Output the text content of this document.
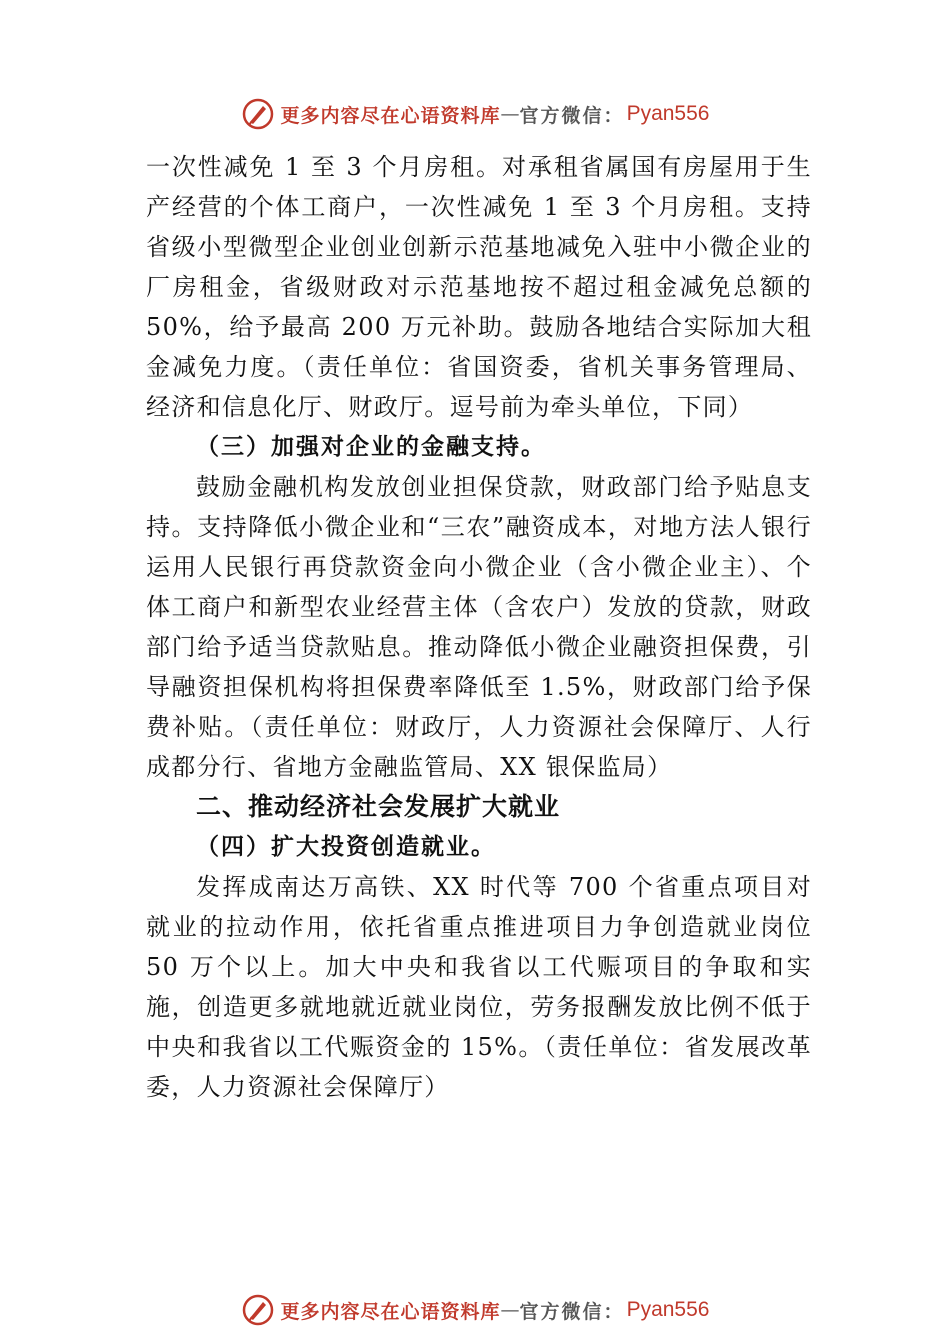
更多内容尽在心语资料库 — 官方微信： Pyan556

一次性减免 1 至 3 个月房租。对承租省属国有房屋用于生产经营的个体工商户，一次性减免 1 至 3 个月房租。支持省级小型微型企业创业创新示范基地减免入驻中小微企业的厂房租金，省级财政对示范基地按不超过租金减免总额的 50%，给予最高 200 万元补助。鼓励各地结合实际加大租金减免力度。（责任单位：省国资委，省机关事务管理局、经济和信息化厅、财政厅。逗号前为牵头单位，下同）

（三）加强对企业的金融支持。

鼓励金融机构发放创业担保贷款，财政部门给予贴息支持。支持降低小微企业和“三农”融资成本，对地方法人银行运用人民银行再贷款资金向小微企业（含小微企业主）、个体工商户和新型农业经营主体（含农户）发放的贷款，财政部门给予适当贷款贴息。推动降低小微企业融资担保费，引导融资担保机构将担保费率降低至 1.5%，财政部门给予保费补贴。（责任单位：财政厅，人力资源社会保障厅、人行成都分行、省地方金融监管局、XX 银保监局）

二、推动经济社会发展扩大就业

（四）扩大投资创造就业。

发挥成南达万高铁、XX 时代等 700 个省重点项目对就业的拉动作用，依托省重点推进项目力争创造就业岗位 50 万个以上。加大中央和我省以工代赈项目的争取和实施，创造更多就地就近就业岗位，劳务报酬发放比例不低于中央和我省以工代赈资金的 15%。（责任单位：省发展改革委，人力资源社会保障厅）

更多内容尽在心语资料库 — 官方微信： Pyan556
